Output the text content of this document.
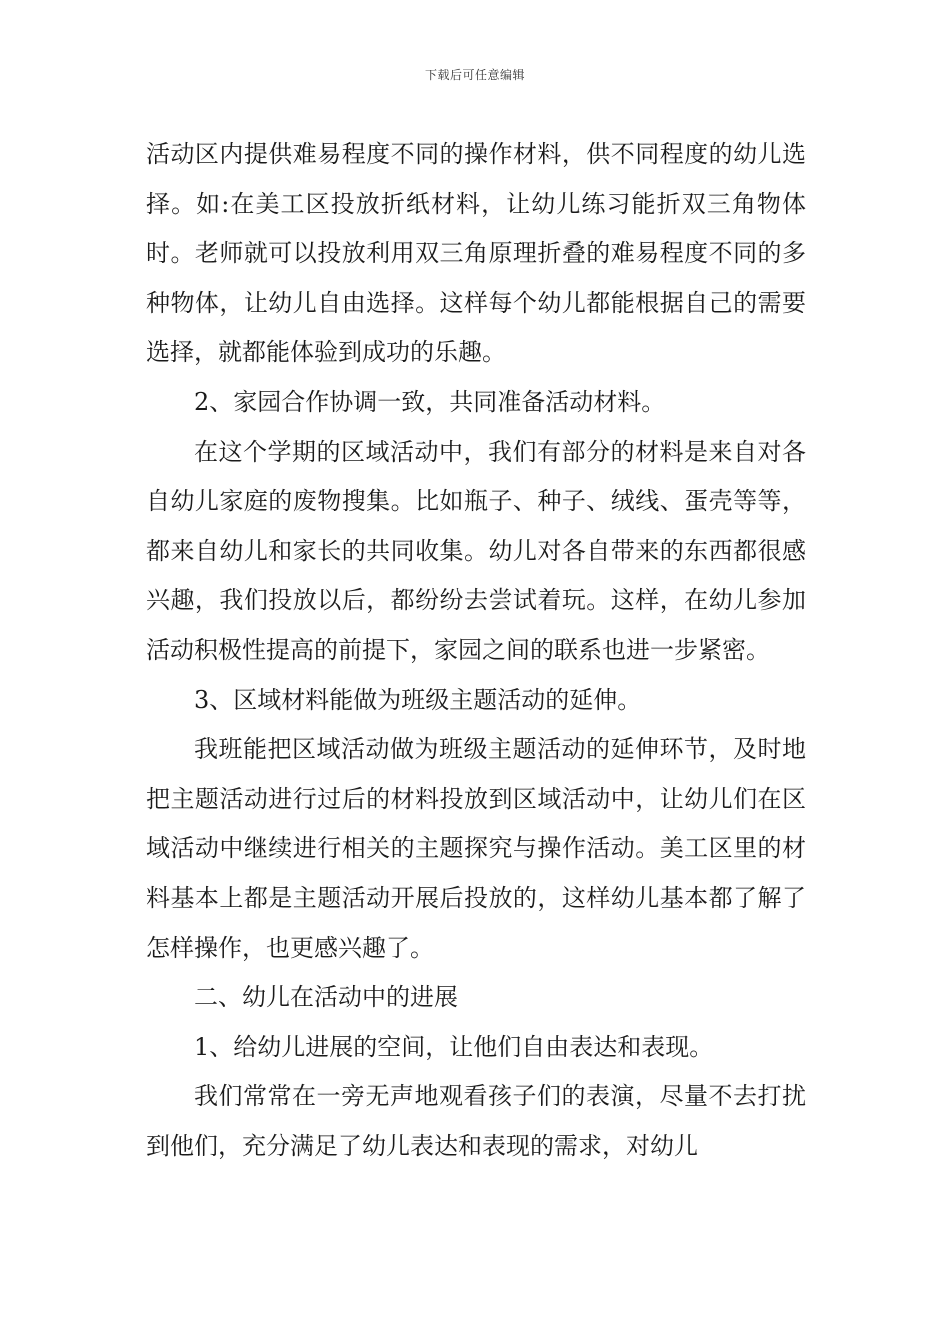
下载后可任意编辑

活动区内提供难易程度不同的操作材料，供不同程度的幼儿选择。如:在美工区投放折纸材料，让幼儿练习能折双三角物体时。老师就可以投放利用双三角原理折叠的难易程度不同的多种物体，让幼儿自由选择。这样每个幼儿都能根据自己的需要选择，就都能体验到成功的乐趣。

2、家园合作协调一致，共同准备活动材料。

在这个学期的区域活动中，我们有部分的材料是来自对各自幼儿家庭的废物搜集。比如瓶子、种子、绒线、蛋壳等等，都来自幼儿和家长的共同收集。幼儿对各自带来的东西都很感兴趣，我们投放以后，都纷纷去尝试着玩。这样，在幼儿参加活动积极性提高的前提下，家园之间的联系也进一步紧密。

3、区域材料能做为班级主题活动的延伸。

我班能把区域活动做为班级主题活动的延伸环节，及时地把主题活动进行过后的材料投放到区域活动中，让幼儿们在区域活动中继续进行相关的主题探究与操作活动。美工区里的材料基本上都是主题活动开展后投放的，这样幼儿基本都了解了怎样操作，也更感兴趣了。

二、幼儿在活动中的进展

1、给幼儿进展的空间，让他们自由表达和表现。

我们常常在一旁无声地观看孩子们的表演，尽量不去打扰到他们，充分满足了幼儿表达和表现的需求，对幼儿
